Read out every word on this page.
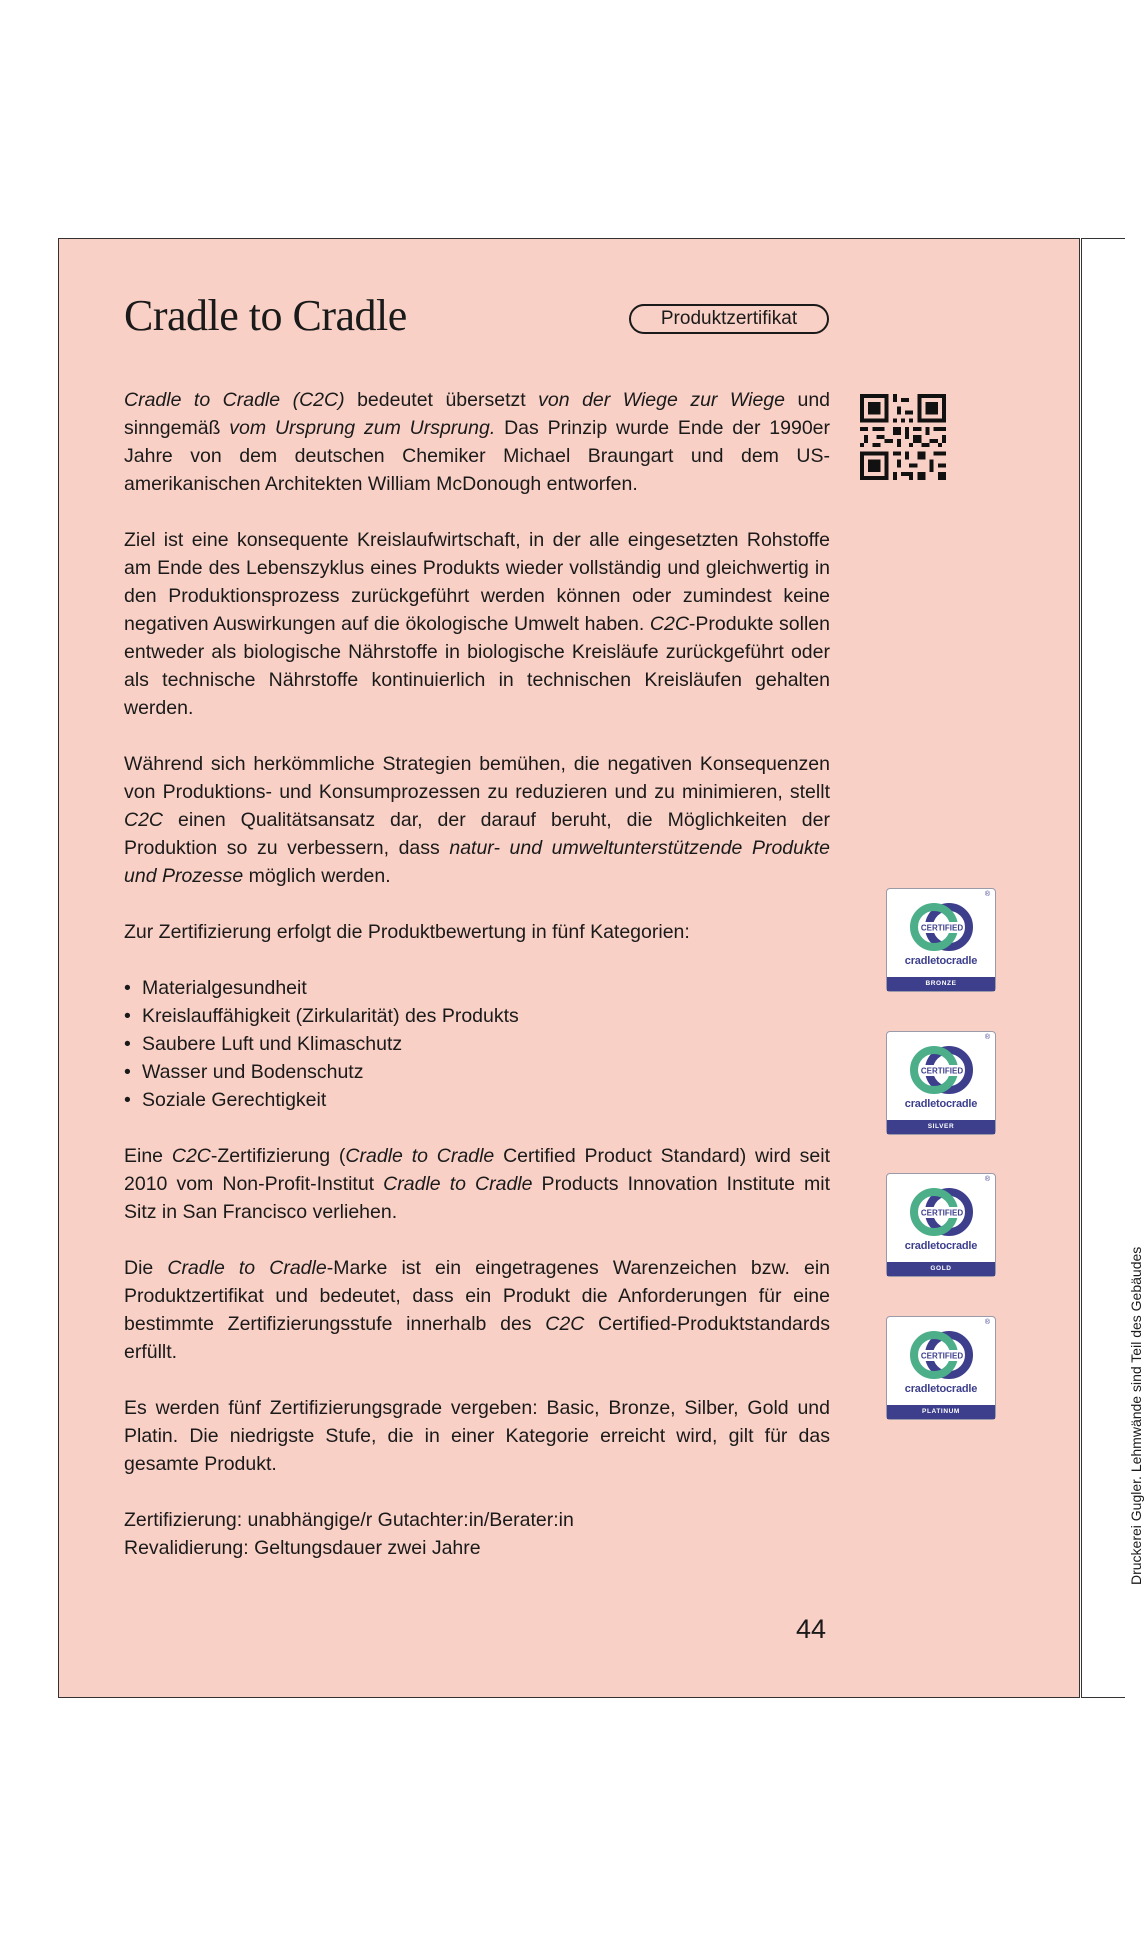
Druckerei Gugler. Lehmwände sind Teil des Gebäudes
Cradle to Cradle	Produktzertifikat

Cradle to Cradle (C2C) bedeutet übersetzt von der Wiege zur Wiege und sinngemäß vom Ursprung zum Ursprung. Das Prinzip wurde Ende der 1990er Jahre von dem deutschen Chemiker Michael Braungart und dem US-amerikanischen Architekten William McDonough entworfen.

Ziel ist eine konsequente Kreislaufwirtschaft, in der alle eingesetzten Rohstoffe am Ende des Lebenszyklus eines Produkts wieder vollständig und gleichwertig in den Produktionsprozess zurückgeführt werden können oder zumindest keine negativen Auswirkungen auf die ökologische Umwelt haben. C2C-Produkte sollen entweder als biologische Nährstoffe in biologische Kreisläufe zurückgeführt oder als technische Nährstoffe kontinuierlich in technischen Kreisläufen gehalten werden.

Während sich herkömmliche Strategien bemühen, die negativen Konsequenzen von Produktions- und Konsumprozessen zu reduzieren und zu minimieren, stellt C2C einen Qualitätsansatz dar, der darauf beruht, die Möglichkeiten der Produktion so zu verbessern, dass natur- und umweltunterstützende Produkte und Prozesse möglich werden.

Zur Zertifizierung erfolgt die Produktbewertung in fünf Kategorien:

• Materialgesundheit
• Kreislauffähigkeit (Zirkularität) des Produkts
• Saubere Luft und Klimaschutz
• Wasser und Bodenschutz
• Soziale Gerechtigkeit

Eine C2C-Zertifizierung (Cradle to Cradle Certified Product Standard) wird seit 2010 vom Non-Profit-Institut Cradle to Cradle Products Innovation Institute mit Sitz in San Francisco verliehen.

Die Cradle to Cradle-Marke ist ein eingetragenes Warenzeichen bzw. ein Produktzertifikat und bedeutet, dass ein Produkt die Anforderungen für eine bestimmte Zertifizierungsstufe innerhalb des C2C Certified-Produktstandards erfüllt.

Es werden fünf Zertifizierungsgrade vergeben: Basic, Bronze, Silber, Gold und Platin. Die niedrigste Stufe, die in einer Kategorie erreicht wird, gilt für das gesamte Produkt.

Zertifizierung: unabhängige/r Gutachter:in/Berater:in
Revalidierung: Geltungsdauer zwei Jahre
44
®
CERTIFIED
cradletocradle
BRONZE
®
CERTIFIED
cradletocradle
SILVER
®
CERTIFIED
cradletocradle
GOLD
®
CERTIFIED
cradletocradle
PLATINUM
